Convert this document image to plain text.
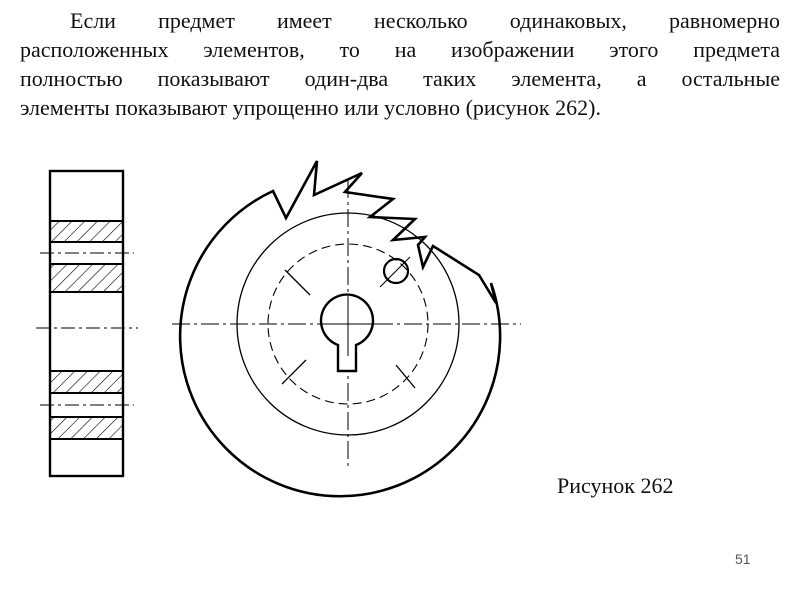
Если предмет имеет несколько одинаковых, равномерно
расположенных элементов, то на изображении этого предмета
полностью показывают один-два таких элемента, а остальные
элементы показывают упрощенно или условно (рисунок 262).

Рисунок 262

51
